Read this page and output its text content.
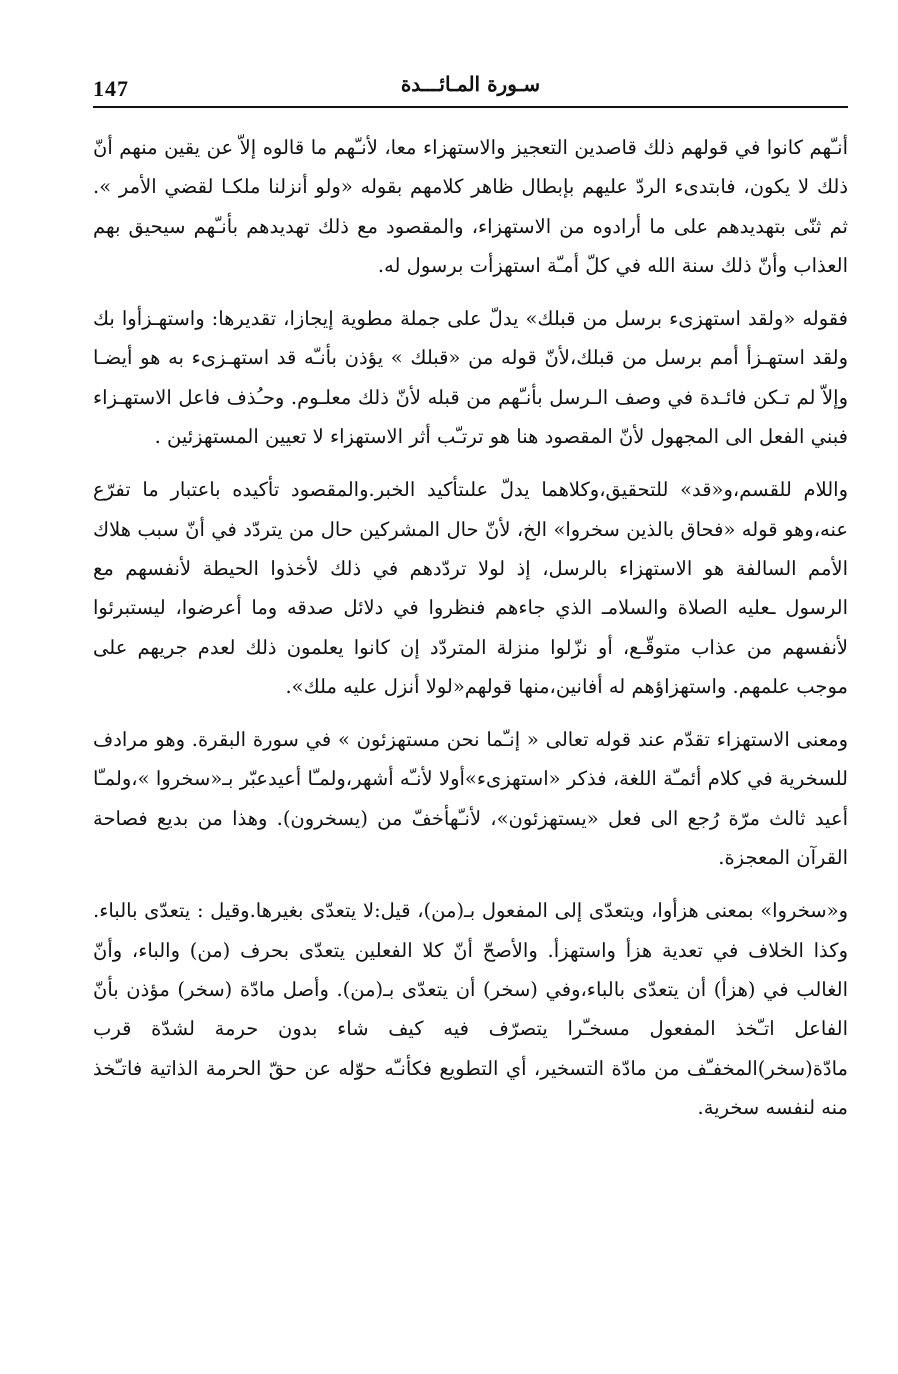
147	سـورة المـائـــدة

أنـّهم كانوا في قولهم ذلك قاصدين التعجيز والاستهزاء معا، لأنـّهم ما قالوه إلاّ عن يقين منهم أنّ ذلك لا يكون، فابتدىء الردّ عليهم بإبطال ظاهر كلامهم بقوله «ولو أنزلنا ملكـا لقضي الأمر ». ثم ثنّى بتهديدهم على ما أرادوه من الاستهزاء، والمقصود مع ذلك تهديدهم بأنـّهم سيحيق بهم العذاب وأنّ ذلك سنة الله في كلّ أمـّة استهزأت برسول له.

فقوله «ولقد استهزىء برسل من قبلك» يدلّ على جملة مطوية إيجازا، تقديرها: واستهـزأوا بك ولقد استهـزأ أمم برسل من قبلك،لأنّ قوله من «قبلك » يؤذن بأنـّه قد استهـزىء به هو أيضـا وإلاّ لم تـكن فائـدة في وصف الـرسل بأنـّهم من قبله لأنّ ذلك معلـوم. وحـُذف فاعل الاستهـزاء فبني الفعل الى المجهول لأنّ المقصود هنا هو ترتـّب أثر الاستهزاء لا تعيين المستهزئين .

واللام للقسم،و«قد» للتحقيق،وكلاهما يدلّ علىتأكيد الخبر.والمقصود تأكيده باعتبار ما تفرّع عنه،وهو قوله «فحاق بالذين سخروا» الخ، لأنّ حال المشركين حال من يتردّد في أنّ سبب هلاك الأمم السالفة هو الاستهزاء بالرسل، إذ لولا تردّدهم في ذلك لأخذوا الحيطة لأنفسهم مع الرسول ـعليه الصلاة والسلامـ الذي جاءهم فنظروا في دلائل صدقه وما أعرضوا، ليستبرئوا لأنفسهم من عذاب متوقّـع، أو نزّلوا منزلة المتردّد إن كانوا يعلمون ذلك لعدم جريهم على موجب علمهم. واستهزاؤهم له أفانين،منها قولهم«لولا أنزل عليه ملك».

ومعنى الاستهزاء تقدّم عند قوله تعالى « إنـّما نحن مستهزئون » في سورة البقرة. وهو مرادف للسخرية في كلام أئمـّة اللغة، فذكر «استهزىء»أولا لأنـّه أشهر،ولمـّا أعيدعبّر بـ«سخروا »،ولمـّا أعيد ثالث مرّة رُجع الى فعل «يستهزئون»، لأنـّهأخفّ من (يسخرون). وهذا من بديع فصاحة القرآن المعجزة.

و«سخروا» بمعنى هزأوا، ويتعدّى إلى المفعول بـ(من)، قيل:لا يتعدّى بغيرها.وقيل : يتعدّى بالباء. وكذا الخلاف في تعدية هزأ واستهزأ. والأصحّ أنّ كلا الفعلين يتعدّى بحرف (من) والباء، وأنّ الغالب في (هزأ) أن يتعدّى بالباء،وفي (سخر) أن يتعدّى بـ(من). وأصل مادّة (سخر) مؤذن بأنّ الفاعل اتـّخذ المفعول مسخـّرا يتصرّف فيه كيف شاء بدون حرمة لشدّة قرب مادّة(سخر)المخفـّف من مادّة التسخير، أي التطويع فكأنـّه حوّله عن حقّ الحرمة الذاتية فاتـّخذ منه لنفسه سخرية.
